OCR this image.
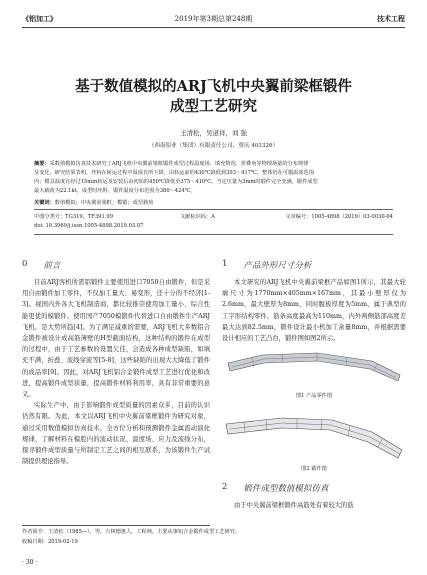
《铝加工》	2019年第3期总第248期	技术工程
基于数值模拟的ARJ飞机中央翼前梁框锻件
成型工艺研究
王清松，吴道祥，刘 强
（西南铝业（集团）有限责任公司，重庆 401326）
摘要：采数值模拟仿真技术研究了ARJ飞机中央翼前梁框锻件成型过程温度场、填充情况、折叠角等物理场量的分布规律
及变化，研究结果表明，坯料在转运过程中温度有所下降，由转运前的430℃降低到393～417℃，整体仍在可锻温度范围
内；模具温度在经过15min转运及安装后由初始的450℃降低至375～410℃。当定压量为3mm时锻件完全充满，锻件成型
最大载荷为22.1kt，成型时坯料、锻件温度分布范围为380～424℃。
关键词：数值模拟；中央翼前梁框；模锻；成型载荷
中图分类号：TG319，TF391.99	文献标识码：A	文章编号：1005-4898（2019）03-0030-04
doi: 10.3969/j.issn.1005-4898.2019.03.07
0 前言

目前ARJ客机所需铝锻件主要使用进口7050自由锻件，但是采用自由锻件加工零件，不仅加工量大、易变形，还十分的不经济[1-3]。视国内外各大飞机制造商，都比较推崇使用加工量小、综合性能更优的模锻件。使用国产7050模锻件代替进口自由锻件生产ARJ飞机，是大势所趋[4]。为了满足减重的需要，ARJ飞机大多数铝合金锻件被设计成高筋薄壁的H型截面结构，这种结构的锻件在成型的过程中，由于工艺参数的设置欠佳，会造成各种成型缺陷，如填充不满、折叠、流线穿流等[5-8]，这些缺陷的出现大大降低了锻件的成品率[9]。因此，对ARJ飞机铝合金锻件成型工艺进行优化和改进，提高锻件成型质量，提高锻件材料利用率，具有非常重要的意义。

实际生产中，由于影响锻件成型质量的因素众多，目前的认识仍然有限。为此，本文以ARJ飞机中央翼前梁框锻件为研究对象，通过采用数值模拟仿真技术，全方位分析和预测锻件金属流动演化规律，了解材料在模腔内的流动状况、温度场、应力及流线分布，探寻锻件成型质量与所制定工艺之间的相互联系，为该锻件生产试制提供理论指导。

1 产品外形尺寸分析

本文研究的ARJ飞机中央翼前梁框产品如图1所示，其最大轮廓尺寸为1770mm×405mm×167mm，其最小壁厚仅为2.6mm，最大壁厚为8mm，同时腹板厚度为5mm，属于典型的工字形结构零件。筋条高度最高为110mm，内外两侧筋部高度差最大达到82.5mm，锻件设计最小机加工余量8mm，并根据需要设计相应的工艺凸台，锻件图如图2所示。

图1 产品零件图
图2 锻件图
2 锻件成型数值模拟仿真

由于中央翼前梁框锻件高筋处有着较大的筋

作者简介：王清松（1985—），男，吉林德惠人，工程师，主要从事铝合金锻件成型工艺研究。
收稿日期：2019-02-19
· 30 ·
